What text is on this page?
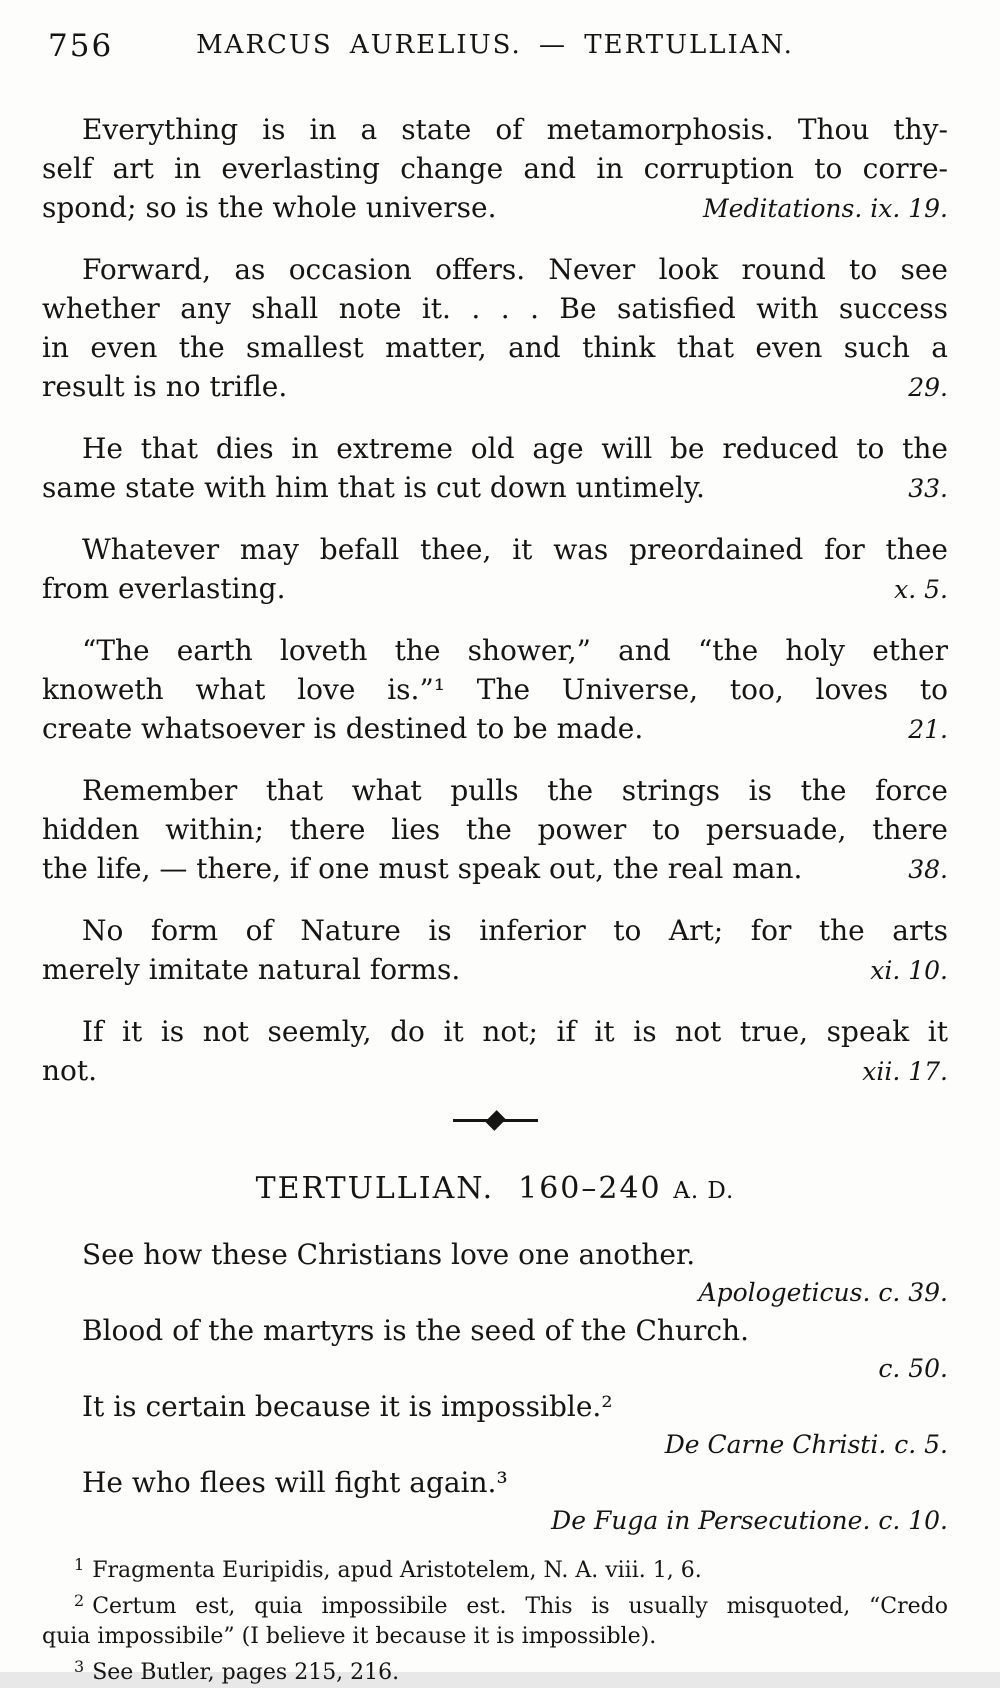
756	MARCUS AURELIUS. — TERTULLIAN.
Everything is in a state of metamorphosis. Thou thy-
self art in everlasting change and in corruption to corre-
spond; so is the whole universe.	Meditations. ix. 19.
Forward, as occasion offers. Never look round to see
whether any shall note it. . . . Be satisfied with success
in even the smallest matter, and think that even such a
result is no trifle.	29.
He that dies in extreme old age will be reduced to the
same state with him that is cut down untimely.	33.
Whatever may befall thee, it was preordained for thee
from everlasting.	x. 5.
“The earth loveth the shower,” and “the holy ether
knoweth what love is.”¹ The Universe, too, loves to
create whatsoever is destined to be made.	21.
Remember that what pulls the strings is the force
hidden within; there lies the power to persuade, there
the life, — there, if one must speak out, the real man.	38.
No form of Nature is inferior to Art; for the arts
merely imitate natural forms.	xi. 10.
If it is not seemly, do it not; if it is not true, speak it
not.	xii. 17.
TERTULLIAN. 160–240 A. D.
See how these Christians love one another.
Apologeticus. c. 39.
Blood of the martyrs is the seed of the Church.
c. 50.
It is certain because it is impossible.²
De Carne Christi. c. 5.
He who flees will fight again.³
De Fuga in Persecutione. c. 10.
$^1$ Fragmenta Euripidis, apud Aristotelem, N. A. viii. 1, 6.
$^2$ Certum est, quia impossibile est. This is usually misquoted, “Credo
quia impossibile” (I believe it because it is impossible).
$^3$ See Butler, pages 215, 216.
